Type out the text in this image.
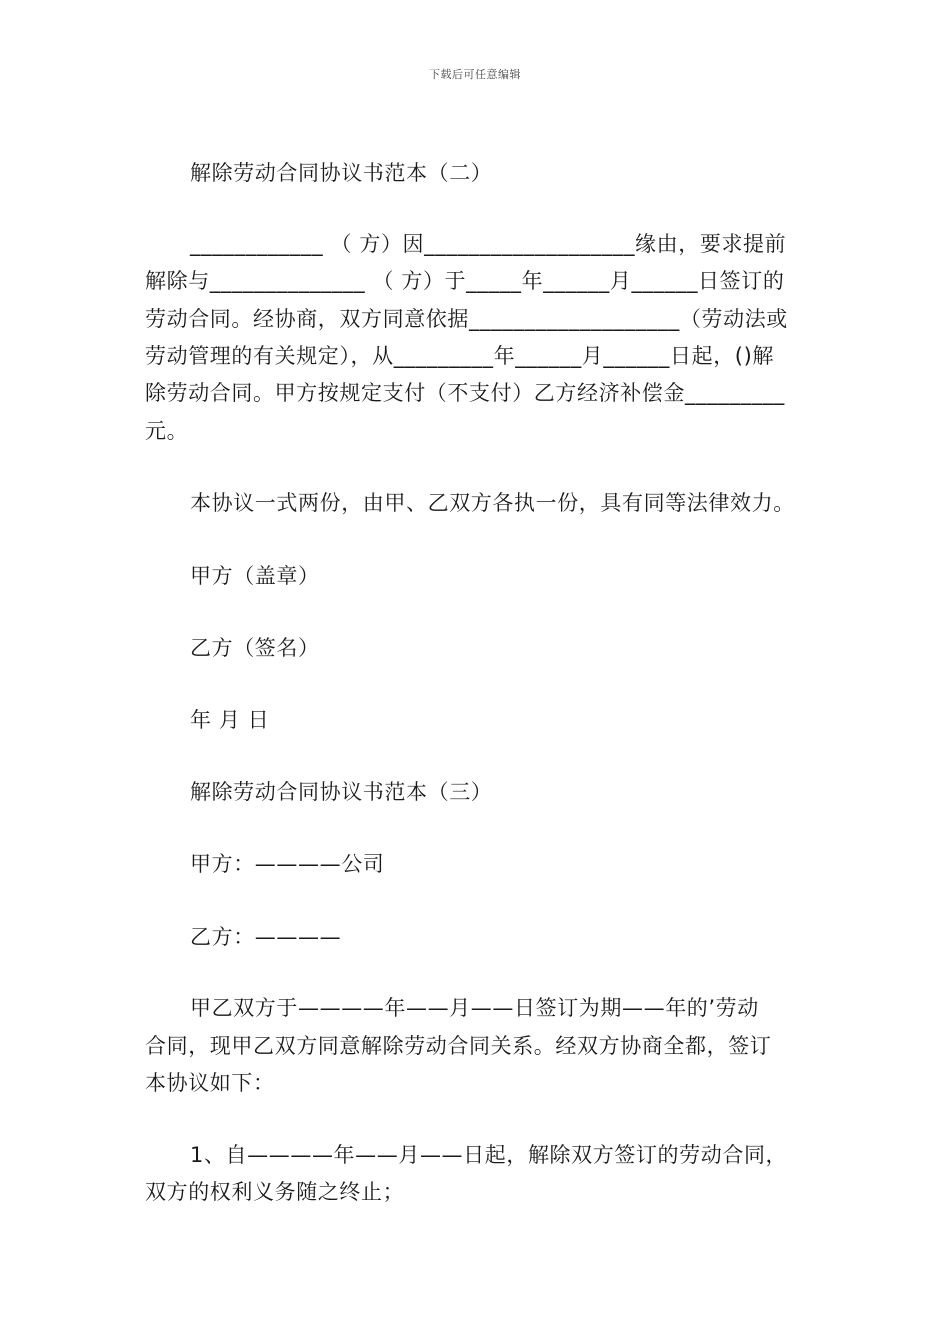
下载后可任意编辑
解除劳动合同协议书范本（二）
____________ （ 方）因___________________缘由，要求提前
解除与______________ （ 方）于_____年______月______日签订的
劳动合同。经协商，双方同意依据___________________（劳动法或
劳动管理的有关规定），从_________年______月______日起，()解
除劳动合同。甲方按规定支付（不支付）乙方经济补偿金_________
元。
本协议一式两份，由甲、乙双方各执一份，具有同等法律效力。
甲方（盖章）
乙方（签名）
年 月 日
解除劳动合同协议书范本（三）
甲方：————公司
乙方：————
甲乙双方于————年——月——日签订为期——年的’劳动
合同，现甲乙双方同意解除劳动合同关系。经双方协商全都，签订
本协议如下：
1、自————年——月——日起，解除双方签订的劳动合同，
双方的权利义务随之终止；
